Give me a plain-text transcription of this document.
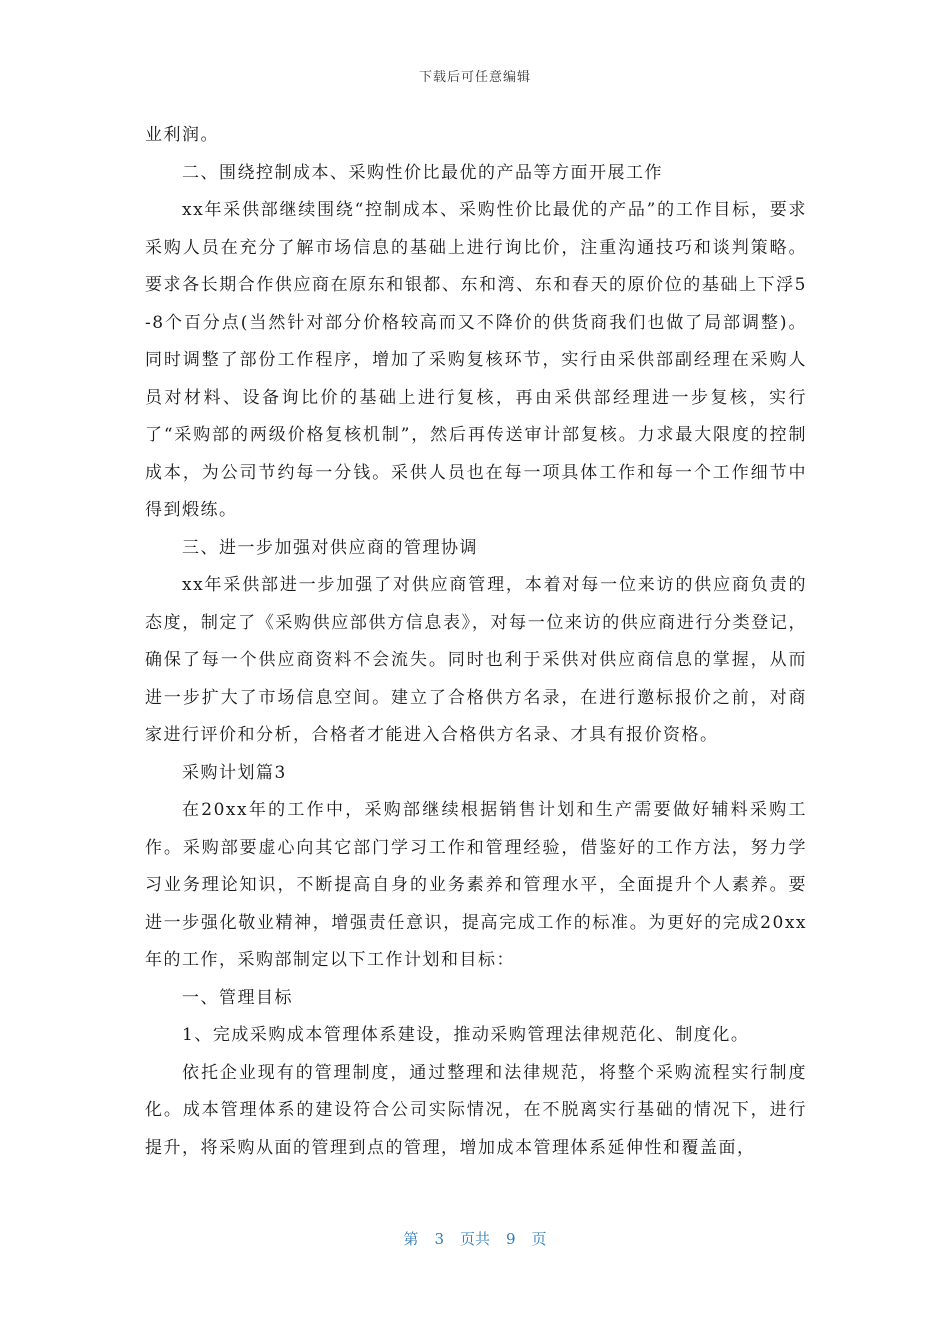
下载后可任意编辑

业利润。

二、围绕控制成本、采购性价比最优的产品等方面开展工作

xx年采供部继续围绕“控制成本、采购性价比最优的产品”的工作目标，要求采购人员在充分了解市场信息的基础上进行询比价，注重沟通技巧和谈判策略。要求各长期合作供应商在原东和银都、东和湾、东和春天的原价位的基础上下浮5-8个百分点(当然针对部分价格较高而又不降价的供货商我们也做了局部调整)。同时调整了部份工作程序，增加了采购复核环节，实行由采供部副经理在采购人员对材料、设备询比价的基础上进行复核，再由采供部经理进一步复核，实行了“采购部的两级价格复核机制”，然后再传送审计部复核。力求最大限度的控制成本，为公司节约每一分钱。采供人员也在每一项具体工作和每一个工作细节中得到煅练。

三、进一步加强对供应商的管理协调

xx年采供部进一步加强了对供应商管理，本着对每一位来访的供应商负责的态度，制定了《采购供应部供方信息表》，对每一位来访的供应商进行分类登记，确保了每一个供应商资料不会流失。同时也利于采供对供应商信息的掌握，从而进一步扩大了市场信息空间。建立了合格供方名录，在进行邀标报价之前，对商家进行评价和分析，合格者才能进入合格供方名录、才具有报价资格。

采购计划篇3

在20xx年的工作中，采购部继续根据销售计划和生产需要做好辅料采购工作。采购部要虚心向其它部门学习工作和管理经验，借鉴好的工作方法，努力学习业务理论知识，不断提高自身的业务素养和管理水平，全面提升个人素养。要进一步强化敬业精神，增强责任意识，提高完成工作的标准。为更好的完成20xx年的工作，采购部制定以下工作计划和目标：

一、管理目标

1、完成采购成本管理体系建设，推动采购管理法律规范化、制度化。

依托企业现有的管理制度，通过整理和法律规范，将整个采购流程实行制度化。成本管理体系的建设符合公司实际情况，在不脱离实行基础的情况下，进行提升，将采购从面的管理到点的管理，增加成本管理体系延伸性和覆盖面，

第 3 页共 9 页
